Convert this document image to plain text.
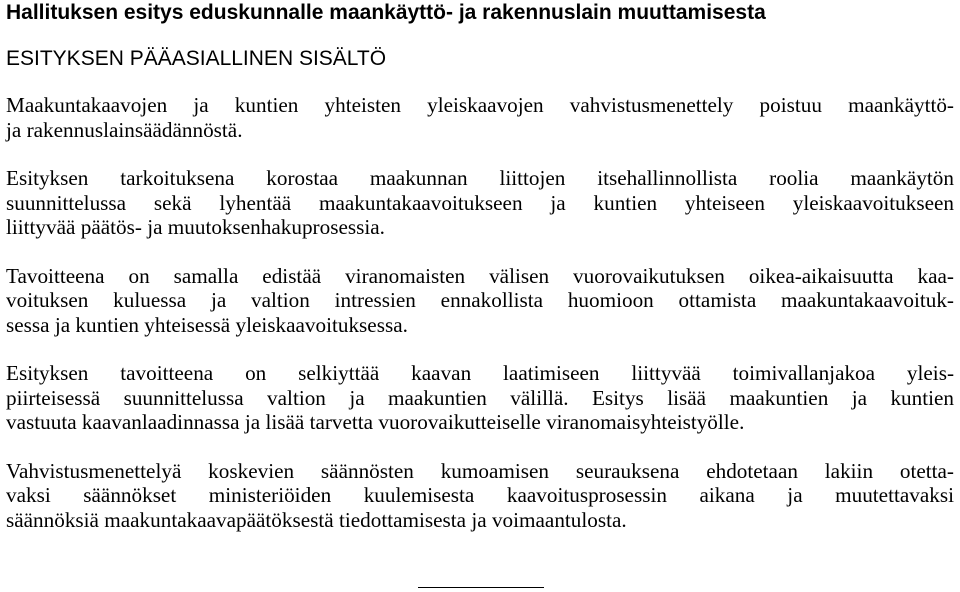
Hallituksen esitys eduskunnalle maankäyttö- ja rakennuslain muuttamisesta
ESITYKSEN PÄÄASIALLINEN SISÄLTÖ

Maakuntakaavojen ja kuntien yhteisten yleiskaavojen vahvistusmenettely poistuu maankäyttö-
ja rakennuslainsäädännöstä.

Esityksen tarkoituksena korostaa maakunnan liittojen itsehallinnollista roolia maankäytön
suunnittelussa sekä lyhentää maakuntakaavoitukseen ja kuntien yhteiseen yleiskaavoitukseen
liittyvää päätös- ja muutoksenhakuprosessia.

Tavoitteena on samalla edistää viranomaisten välisen vuorovaikutuksen oikea-aikaisuutta kaa-
voituksen kuluessa ja valtion intressien ennakollista huomioon ottamista maakuntakaavoituk-
sessa ja kuntien yhteisessä yleiskaavoituksessa.

Esityksen tavoitteena on selkiyttää kaavan laatimiseen liittyvää toimivallanjakoa yleis-
piirteisessä suunnittelussa valtion ja maakuntien välillä. Esitys lisää maakuntien ja kuntien
vastuuta kaavanlaadinnassa ja lisää tarvetta vuorovaikutteiselle viranomaisyhteistyölle.

Vahvistusmenettelyä koskevien säännösten kumoamisen seurauksena ehdotetaan lakiin otetta-
vaksi säännökset ministeriöiden kuulemisesta kaavoitusprosessin aikana ja muutettavaksi
säännöksiä maakuntakaavapäätöksestä tiedottamisesta ja voimaantulosta.
